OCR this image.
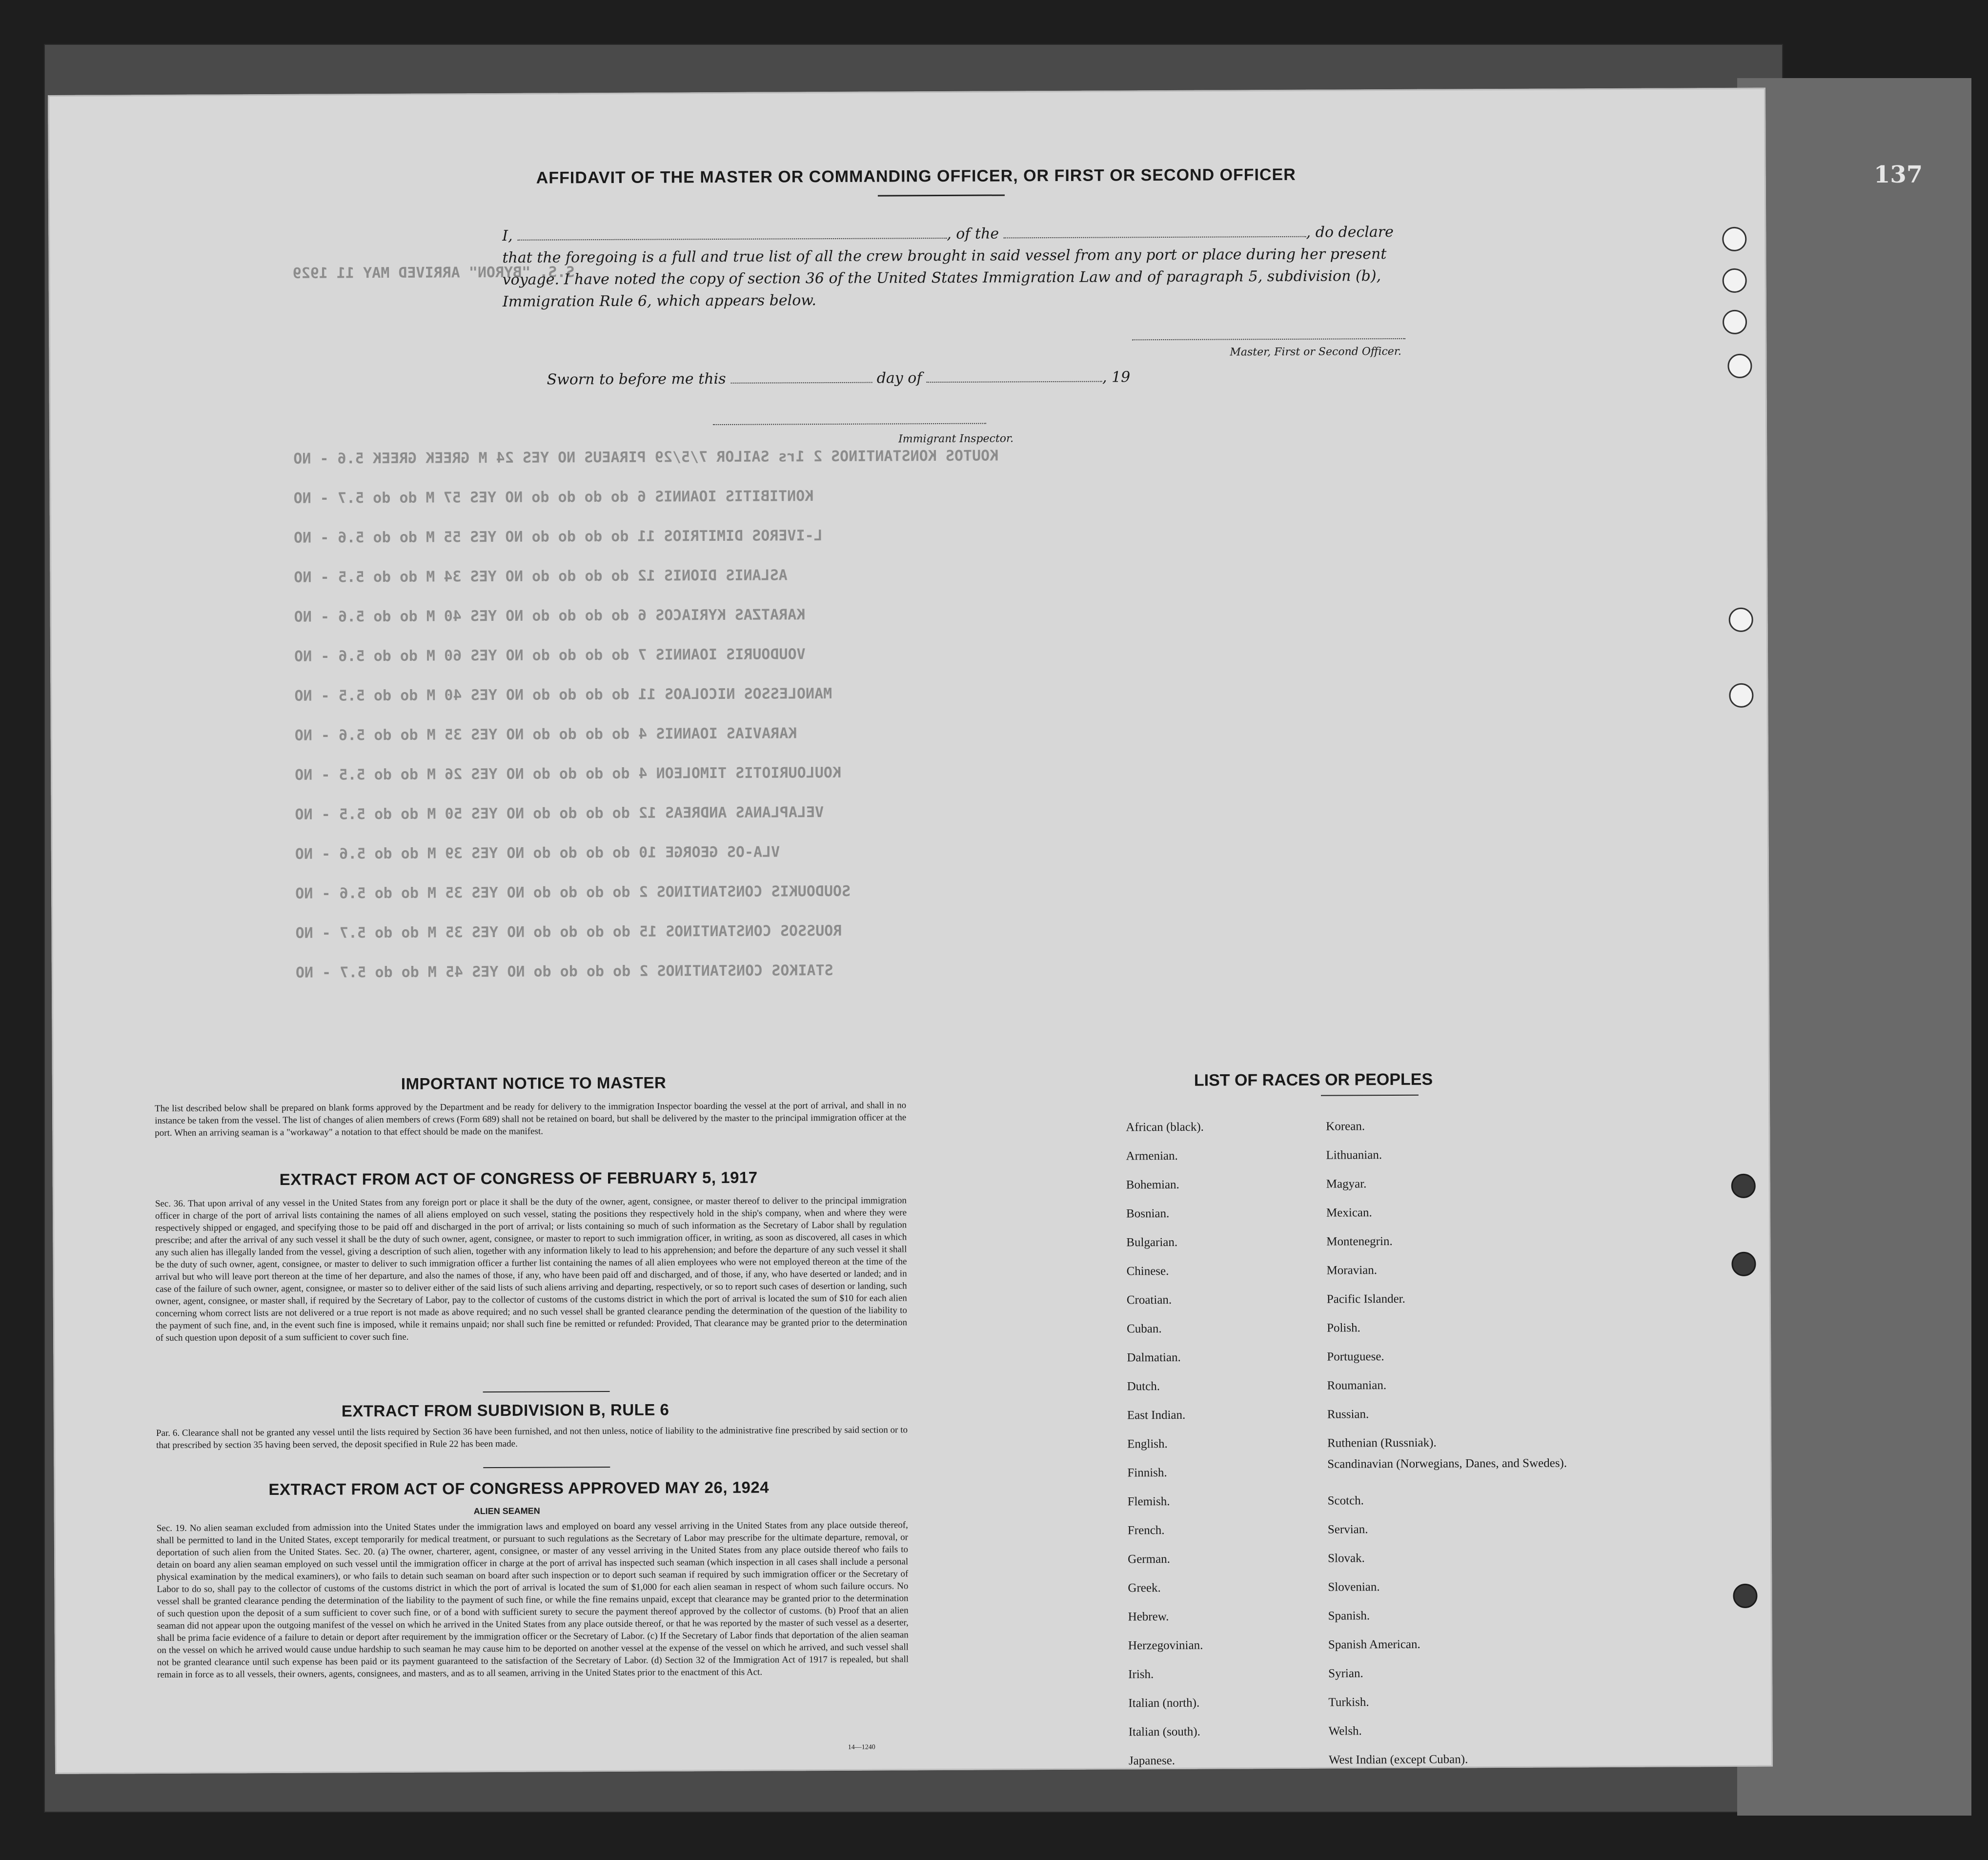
137
S.S. "BYRON" ARRIVED MAY 11 1929
KOUTOS KONSTANTINOS 2 1rs SAILOR 7/5/29 PIRAEUS NO YES 24 M GREEK GREEK 5.6 - NO
KONTIBITIS IOANNIS 6 do do do do NO YES 57 M do do 5.7 - NO
L-IVEROS DIMITRIOS 11 do do do do NO YES 55 M do do 5.6 - NO
ASLANIS DIONIS 12 do do do do NO YES 34 M do do 5.5 - NO
KARATZAS KYRIACOS 6 do do do do NO YES 40 M do do 5.6 - NO
VOUDOURIS IOANNIS 7 do do do do NO YES 60 M do do 5.6 - NO
MANOLESSOS NICOLAOS 11 do do do do NO YES 40 M do do 5.5 - NO
KARAVIAS IOANNIS 4 do do do do NO YES 35 M do do 5.6 - NO
KOULOURIOTIS TIMOLEON 4 do do do do NO YES 26 M do do 5.5 - NO
VELAPLANAS ANDREAS 12 do do do do NO YES 50 M do do 5.5 - NO
VLA-OS GEORGE 10 do do do do NO YES 39 M do do 5.6 - NO
SOUDOUKIS CONSTANTINOS 2 do do do do NO YES 35 M do do 5.6 - NO
ROUSSOS CONSTANTINOS 15 do do do do NO YES 35 M do do 5.7 - NO
STAIKOS CONSTANTINOS 2 do do do do NO YES 45 M do do 5.7 - NO
AFFIDAVIT OF THE MASTER OR COMMANDING OFFICER, OR FIRST OR SECOND OFFICER
I,	, of the	, do declare
that the foregoing is a full and true list of all the crew brought in said vessel from any port or place during her present
voyage. I have noted the copy of section 36 of the United States Immigration Law and of paragraph 5, subdivision (b),
Immigration Rule 6, which appears below.
Master, First or Second Officer.
Sworn to before me this	day of	, 19
Immigrant Inspector.
IMPORTANT NOTICE TO MASTER
The list described below shall be prepared on blank forms approved by the Department and be ready for delivery to the immigration Inspector boarding the vessel at the port of arrival, and shall in no instance be taken from the vessel. The list of changes of alien members of crews (Form 689) shall not be retained on board, but shall be delivered by the master to the principal immigration officer at the port. When an arriving seaman is a "workaway" a notation to that effect should be made on the manifest.
EXTRACT FROM ACT OF CONGRESS OF FEBRUARY 5, 1917
Sec. 36. That upon arrival of any vessel in the United States from any foreign port or place it shall be the duty of the owner, agent, consignee, or master thereof to deliver to the principal immigration officer in charge of the port of arrival lists containing the names of all aliens employed on such vessel, stating the positions they respectively hold in the ship's company, when and where they were respectively shipped or engaged, and specifying those to be paid off and discharged in the port of arrival; or lists containing so much of such information as the Secretary of Labor shall by regulation prescribe; and after the arrival of any such vessel it shall be the duty of such owner, agent, consignee, or master to report to such immigration officer, in writing, as soon as discovered, all cases in which any such alien has illegally landed from the vessel, giving a description of such alien, together with any information likely to lead to his apprehension; and before the departure of any such vessel it shall be the duty of such owner, agent, consignee, or master to deliver to such immigration officer a further list containing the names of all alien employees who were not employed thereon at the time of the arrival but who will leave port thereon at the time of her departure, and also the names of those, if any, who have been paid off and discharged, and of those, if any, who have deserted or landed; and in case of the failure of such owner, agent, consignee, or master so to deliver either of the said lists of such aliens arriving and departing, respectively, or so to report such cases of desertion or landing, such owner, agent, consignee, or master shall, if required by the Secretary of Labor, pay to the collector of customs of the customs district in which the port of arrival is located the sum of $10 for each alien concerning whom correct lists are not delivered or a true report is not made as above required; and no such vessel shall be granted clearance pending the determination of the question of the liability to the payment of such fine, and, in the event such fine is imposed, while it remains unpaid; nor shall such fine be remitted or refunded: Provided, That clearance may be granted prior to the determination of such question upon deposit of a sum sufficient to cover such fine.
EXTRACT FROM SUBDIVISION B, RULE 6
Par. 6. Clearance shall not be granted any vessel until the lists required by Section 36 have been furnished, and not then unless, notice of liability to the administrative fine prescribed by said section or to that prescribed by section 35 having been served, the deposit specified in Rule 22 has been made.
EXTRACT FROM ACT OF CONGRESS APPROVED MAY 26, 1924
ALIEN SEAMEN
Sec. 19. No alien seaman excluded from admission into the United States under the immigration laws and employed on board any vessel arriving in the United States from any place outside thereof, shall be permitted to land in the United States, except temporarily for medical treatment, or pursuant to such regulations as the Secretary of Labor may prescribe for the ultimate departure, removal, or deportation of such alien from the United States. Sec. 20. (a) The owner, charterer, agent, consignee, or master of any vessel arriving in the United States from any place outside thereof who fails to detain on board any alien seaman employed on such vessel until the immigration officer in charge at the port of arrival has inspected such seaman (which inspection in all cases shall include a personal physical examination by the medical examiners), or who fails to detain such seaman on board after such inspection or to deport such seaman if required by such immigration officer or the Secretary of Labor to do so, shall pay to the collector of customs of the customs district in which the port of arrival is located the sum of $1,000 for each alien seaman in respect of whom such failure occurs. No vessel shall be granted clearance pending the determination of the liability to the payment of such fine, or while the fine remains unpaid, except that clearance may be granted prior to the determination of such question upon the deposit of a sum sufficient to cover such fine, or of a bond with sufficient surety to secure the payment thereof approved by the collector of customs. (b) Proof that an alien seaman did not appear upon the outgoing manifest of the vessel on which he arrived in the United States from any place outside thereof, or that he was reported by the master of such vessel as a deserter, shall be prima facie evidence of a failure to detain or deport after requirement by the immigration officer or the Secretary of Labor. (c) If the Secretary of Labor finds that deportation of the alien seaman on the vessel on which he arrived would cause undue hardship to such seaman he may cause him to be deported on another vessel at the expense of the vessel on which he arrived, and such vessel shall not be granted clearance until such expense has been paid or its payment guaranteed to the satisfaction of the Secretary of Labor. (d) Section 32 of the Immigration Act of 1917 is repealed, but shall remain in force as to all vessels, their owners, agents, consignees, and masters, and as to all seamen, arriving in the United States prior to the enactment of this Act.
14—1240
LIST OF RACES OR PEOPLES
African (black).
Armenian.
Bohemian.
Bosnian.
Bulgarian.
Chinese.
Croatian.
Cuban.
Dalmatian.
Dutch.
East Indian.
English.
Finnish.
Flemish.
French.
German.
Greek.
Hebrew.
Herzegovinian.
Irish.
Italian (north).
Italian (south).
Japanese.
Korean.
Lithuanian.
Magyar.
Mexican.
Montenegrin.
Moravian.
Pacific Islander.
Polish.
Portuguese.
Roumanian.
Russian.
Ruthenian (Russniak).
Scandinavian (Norwegians, Danes, and Swedes).
Scotch.
Servian.
Slovak.
Slovenian.
Spanish.
Spanish American.
Syrian.
Turkish.
Welsh.
West Indian (except Cuban).
